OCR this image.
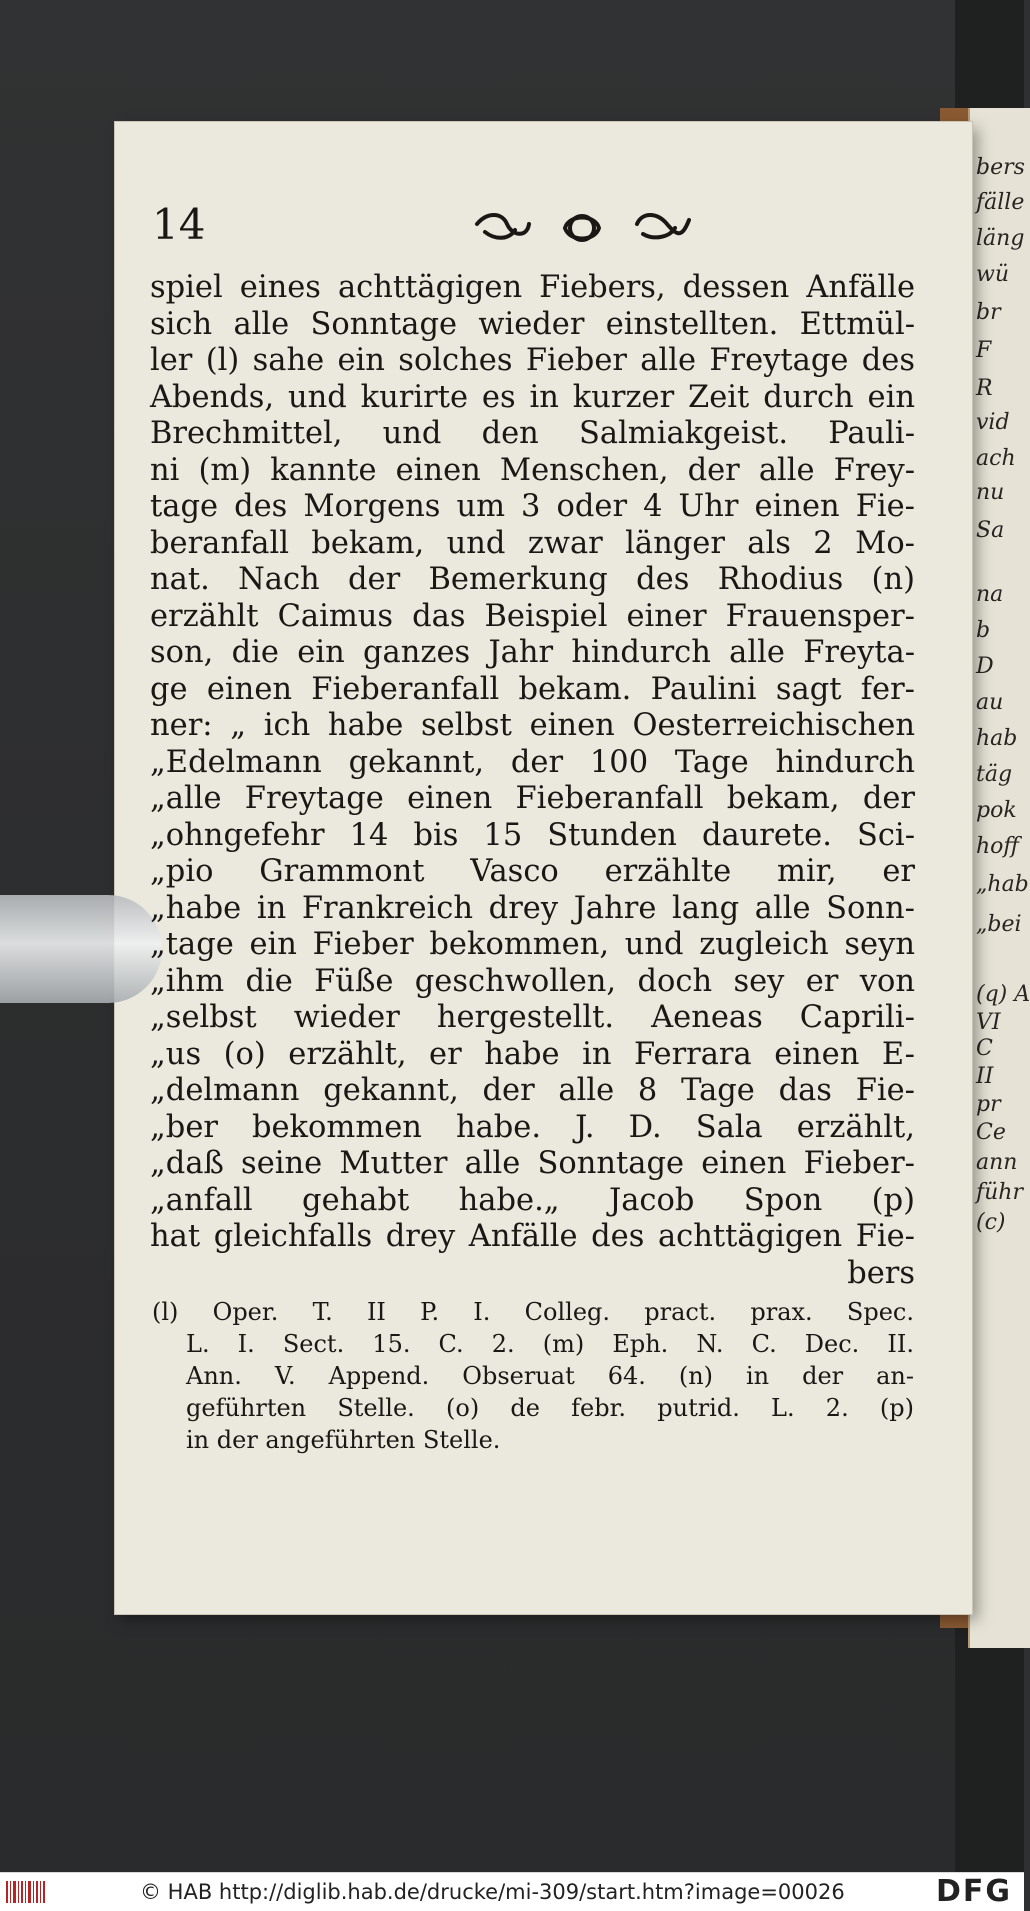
bers
fälle
läng
wü
br
F
R
vid
ach
nu
Sa
na
b
D
au
hab
täg
pok
hoff
„hab
„bei
(q) A
VI
C
II
pr
Ce
ann
führ
(c)
14
spiel eines achttägigen Fiebers, dessen Anfälle
sich alle Sonntage wieder einstellten. Ettmül-
ler (l) sahe ein solches Fieber alle Freytage des
Abends, und kurirte es in kurzer Zeit durch ein
Brechmittel, und den Salmiakgeist. Pauli-
ni (m) kannte einen Menschen, der alle Frey-
tage des Morgens um 3 oder 4 Uhr einen Fie-
beranfall bekam, und zwar länger als 2 Mo-
nat. Nach der Bemerkung des Rhodius (n)
erzählt Caimus das Beispiel einer Frauensper-
son, die ein ganzes Jahr hindurch alle Freyta-
ge einen Fieberanfall bekam. Paulini sagt fer-
ner: „ ich habe selbst einen Oesterreichischen
„Edelmann gekannt, der 100 Tage hindurch
„alle Freytage einen Fieberanfall bekam, der
„ohngefehr 14 bis 15 Stunden daurete. Sci-
„pio Grammont Vasco erzählte mir, er
„habe in Frankreich drey Jahre lang alle Sonn-
„tage ein Fieber bekommen, und zugleich seyn
„ihm die Füße geschwollen, doch sey er von
„selbst wieder hergestellt. Aeneas Caprili-
„us (o) erzählt, er habe in Ferrara einen E-
„delmann gekannt, der alle 8 Tage das Fie-
„ber bekommen habe. J. D. Sala erzählt,
„daß seine Mutter alle Sonntage einen Fieber-
„anfall gehabt habe.„ Jacob Spon (p)
hat gleichfalls drey Anfälle des achttägigen Fie-
bers
(l) Oper. T. II P. I. Colleg. pract. prax. Spec.
L. I. Sect. 15. C. 2. (m) Eph. N. C. Dec. II.
Ann. V. Append. Obseruat 64. (n) in der an-
geführten Stelle. (o) de febr. putrid. L. 2. (p)
in der angeführten Stelle.
© HAB http://diglib.hab.de/drucke/mi-309/start.htm?image=00026	DFG
